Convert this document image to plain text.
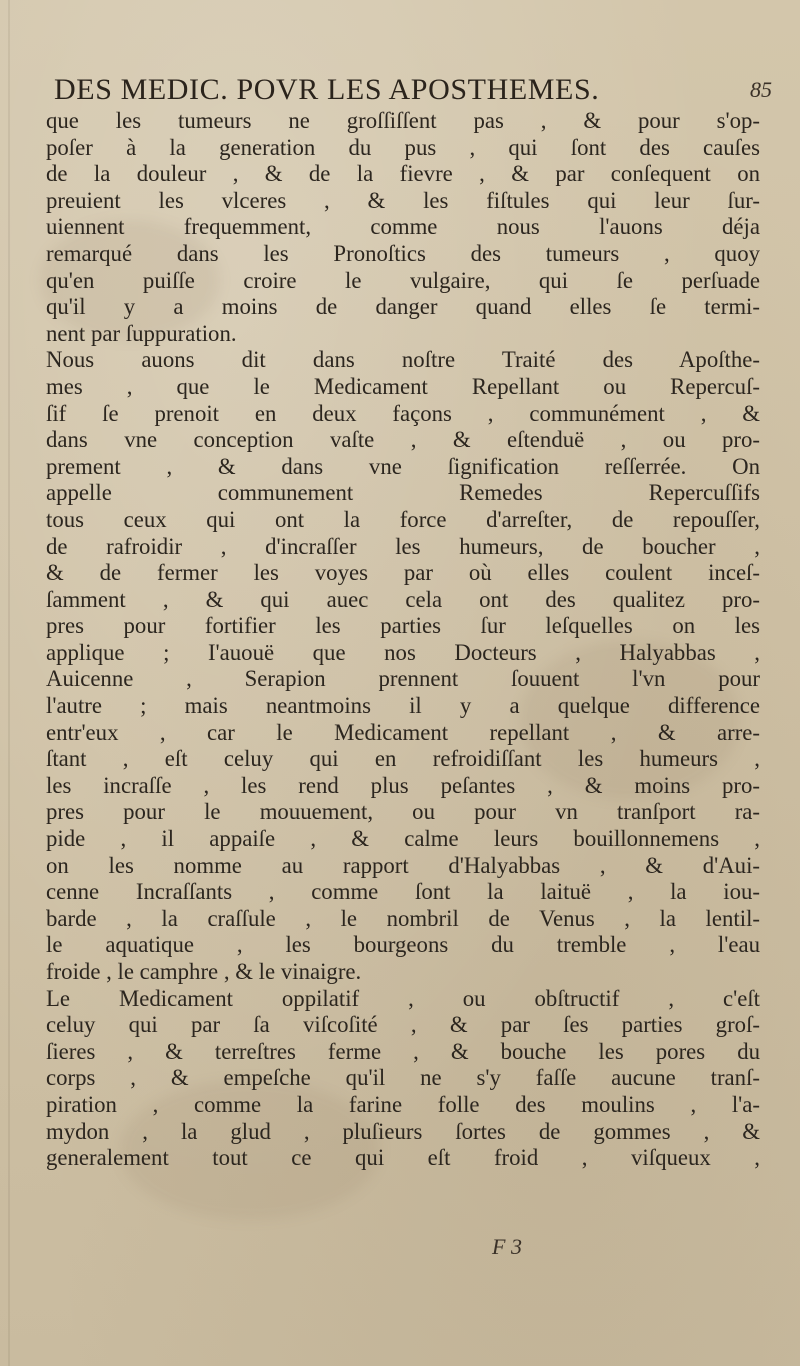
DES MEDIC. POVR LES APOSTHEMES.	85
que les tumeurs ne groſſiſſent pas , & pour s'op-
poſer à la generation du pus , qui ſont des cauſes
de la douleur , & de la fievre , & par conſequent on
preuient les vlceres , & les fiſtules qui leur ſur-
uiennent frequemment, comme nous l'auons déja
remarqué dans les Pronoſtics des tumeurs , quoy
qu'en puiſſe croire le vulgaire, qui ſe perſuade
qu'il y a moins de danger quand elles ſe termi-
nent par ſuppuration.
Nous auons dit dans noſtre Traité des Apoſthe-
mes , que le Medicament Repellant ou Repercuſ-
ſif ſe prenoit en deux façons , communément , &
dans vne conception vaſte , & eſtenduë , ou pro-
prement , & dans vne ſignification reſſerrée. On
appelle communement Remedes Repercuſſifs
tous ceux qui ont la force d'arreſter, de repouſſer,
de rafroidir , d'incraſſer les humeurs, de boucher ,
& de fermer les voyes par où elles coulent inceſ-
ſamment , & qui auec cela ont des qualitez pro-
pres pour fortifier les parties ſur leſquelles on les
applique ; I'auouë que nos Docteurs , Halyabbas ,
Auicenne , Serapion prennent ſouuent l'vn pour
l'autre ; mais neantmoins il y a quelque difference
entr'eux , car le Medicament repellant , & arre-
ſtant , eſt celuy qui en refroidiſſant les humeurs ,
les incraſſe , les rend plus peſantes , & moins pro-
pres pour le mouuement, ou pour vn tranſport ra-
pide , il appaiſe , & calme leurs bouillonnemens ,
on les nomme au rapport d'Halyabbas , & d'Aui-
cenne Incraſſants , comme ſont la laituë , la iou-
barde , la craſſule , le nombril de Venus , la lentil-
le aquatique , les bourgeons du tremble , l'eau
froide , le camphre , & le vinaigre.
Le Medicament oppilatif , ou obſtructif , c'eſt
celuy qui par ſa viſcoſité , & par ſes parties groſ-
ſieres , & terreſtres ferme , & bouche les pores du
corps , & empeſche qu'il ne s'y faſſe aucune tranſ-
piration , comme la farine folle des moulins , l'a-
mydon , la glud , pluſieurs ſortes de gommes , &
generalement tout ce qui eſt froid , viſqueux ,
F 3
